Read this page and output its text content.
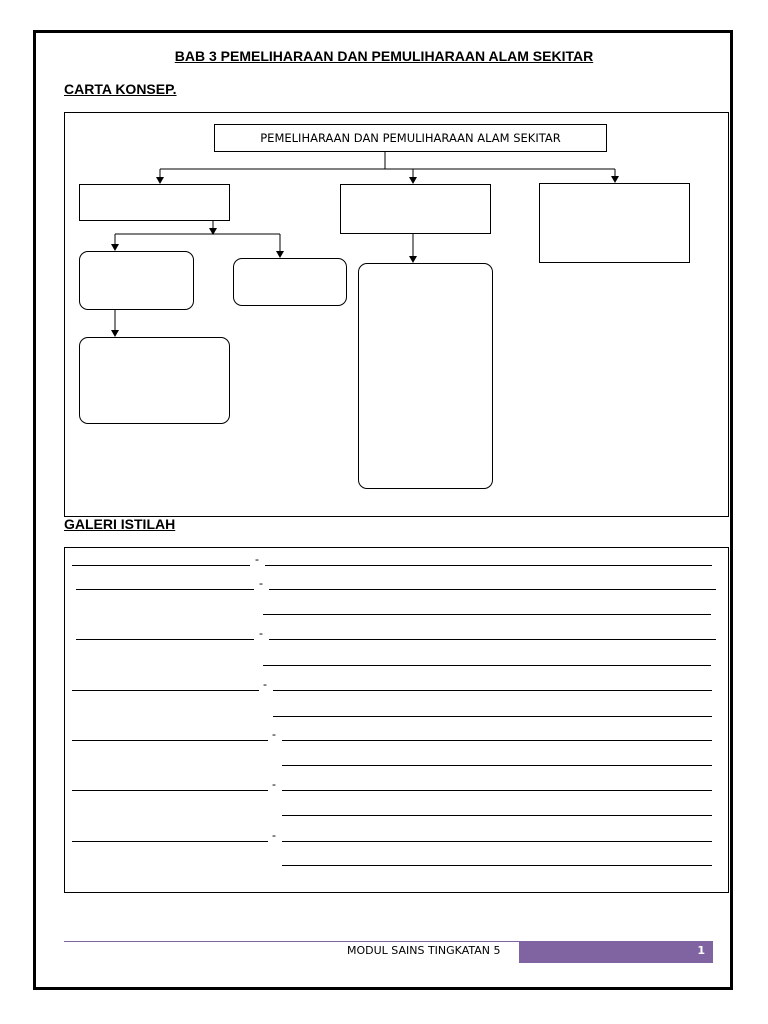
BAB 3 PEMELIHARAAN DAN PEMULIHARAAN ALAM SEKITAR
CARTA KONSEP.
PEMELIHARAAN DAN PEMULIHARAAN ALAM SEKITAR
GALERI ISTILAH
-
-
-
-
-
-
-
MODUL SAINS TINGKATAN 5	1
